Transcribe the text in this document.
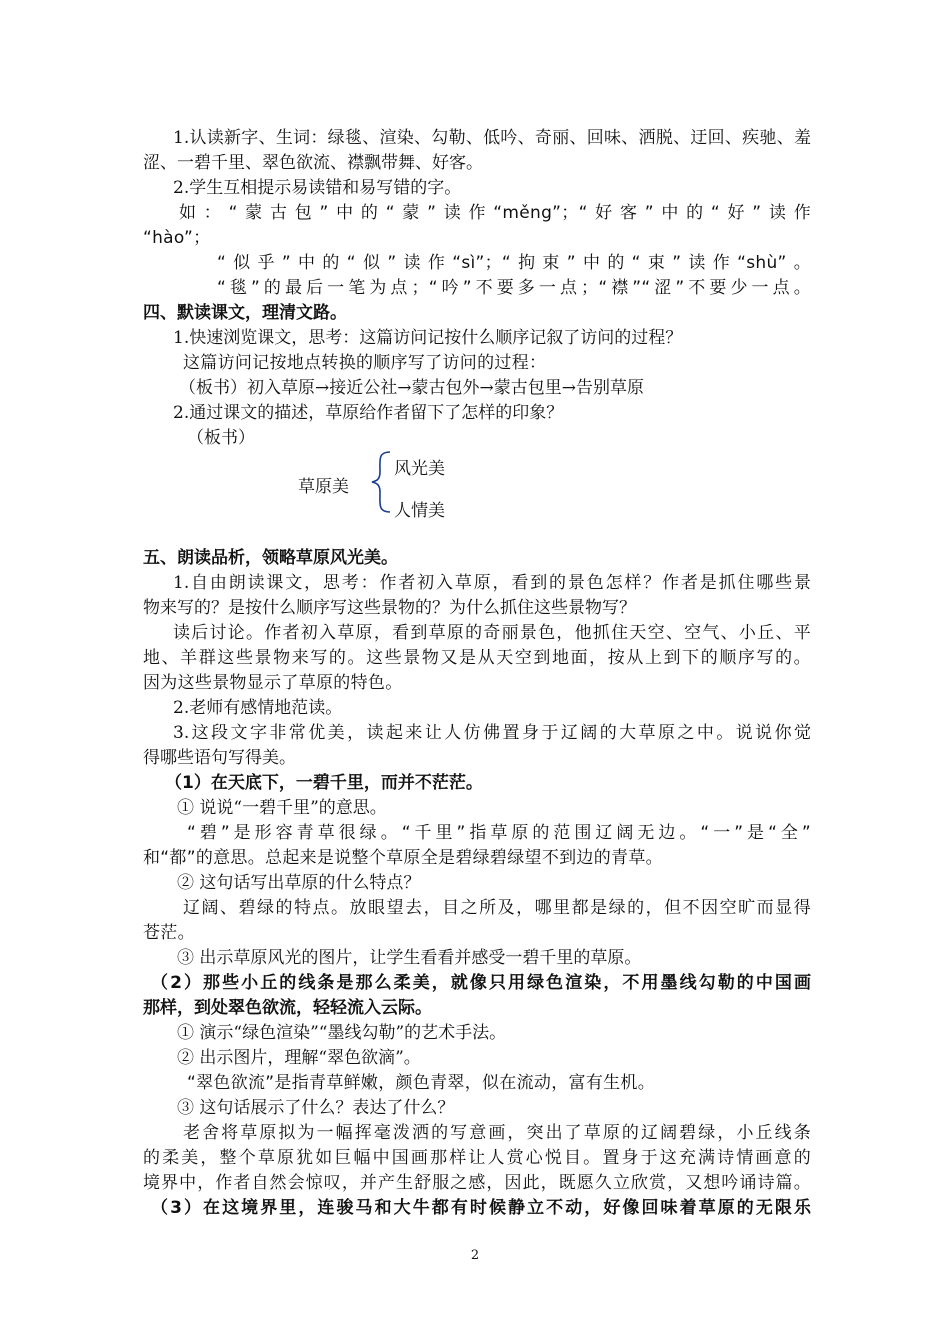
1.认读新字、生词：绿毯、渲染、勾勒、低吟、奇丽、回味、洒脱、迂回、疾驰、羞
涩、一碧千里、翠色欲流、襟飘带舞、好客。
2.学生互相提示易读错和易写错的字。
如：“蒙古包”中的“蒙”读作“měng”；“好客”中的“好”读作
“hào”；
“似乎”中的“似”读作“sì”；“拘束”中的“束”读作“shù”。
“毯”的最后一笔为点；“吟”不要多一点；“襟”“涩”不要少一点。
四、默读课文，理清文路。
1.快速浏览课文，思考：这篇访问记按什么顺序记叙了访问的过程？
这篇访问记按地点转换的顺序写了访问的过程：
（板书）初入草原→接近公社→蒙古包外→蒙古包里→告别草原
2.通过课文的描述，草原给作者留下了怎样的印象？
（板书）
草原美
风光美
人情美
五、朗读品析，领略草原风光美。
1.自由朗读课文，思考：作者初入草原，看到的景色怎样？作者是抓住哪些景
物来写的？是按什么顺序写这些景物的？为什么抓住这些景物写？
读后讨论。作者初入草原，看到草原的奇丽景色，他抓住天空、空气、小丘、平
地、羊群这些景物来写的。这些景物又是从天空到地面，按从上到下的顺序写的。
因为这些景物显示了草原的特色。
2.老师有感情地范读。
3.这段文字非常优美，读起来让人仿佛置身于辽阔的大草原之中。说说你觉
得哪些语句写得美。
（1）在天底下，一碧千里，而并不茫茫。
① 说说“一碧千里”的意思。
“碧”是形容青草很绿。“千里”指草原的范围辽阔无边。“一”是“全”
和“都”的意思。总起来是说整个草原全是碧绿碧绿望不到边的青草。
② 这句话写出草原的什么特点？
辽阔、碧绿的特点。放眼望去，目之所及，哪里都是绿的，但不因空旷而显得
苍茫。
③ 出示草原风光的图片，让学生看看并感受一碧千里的草原。
（2）那些小丘的线条是那么柔美，就像只用绿色渲染，不用墨线勾勒的中国画
那样，到处翠色欲流，轻轻流入云际。
① 演示“绿色渲染”“墨线勾勒”的艺术手法。
② 出示图片，理解“翠色欲滴”。
“翠色欲流”是指青草鲜嫩，颜色青翠，似在流动，富有生机。
③ 这句话展示了什么？表达了什么？
老舍将草原拟为一幅挥毫泼洒的写意画，突出了草原的辽阔碧绿，小丘线条
的柔美，整个草原犹如巨幅中国画那样让人赏心悦目。置身于这充满诗情画意的
境界中，作者自然会惊叹，并产生舒服之感，因此，既愿久立欣赏，又想吟诵诗篇。
（3）在这境界里，连骏马和大牛都有时候静立不动，好像回味着草原的无限乐
2
